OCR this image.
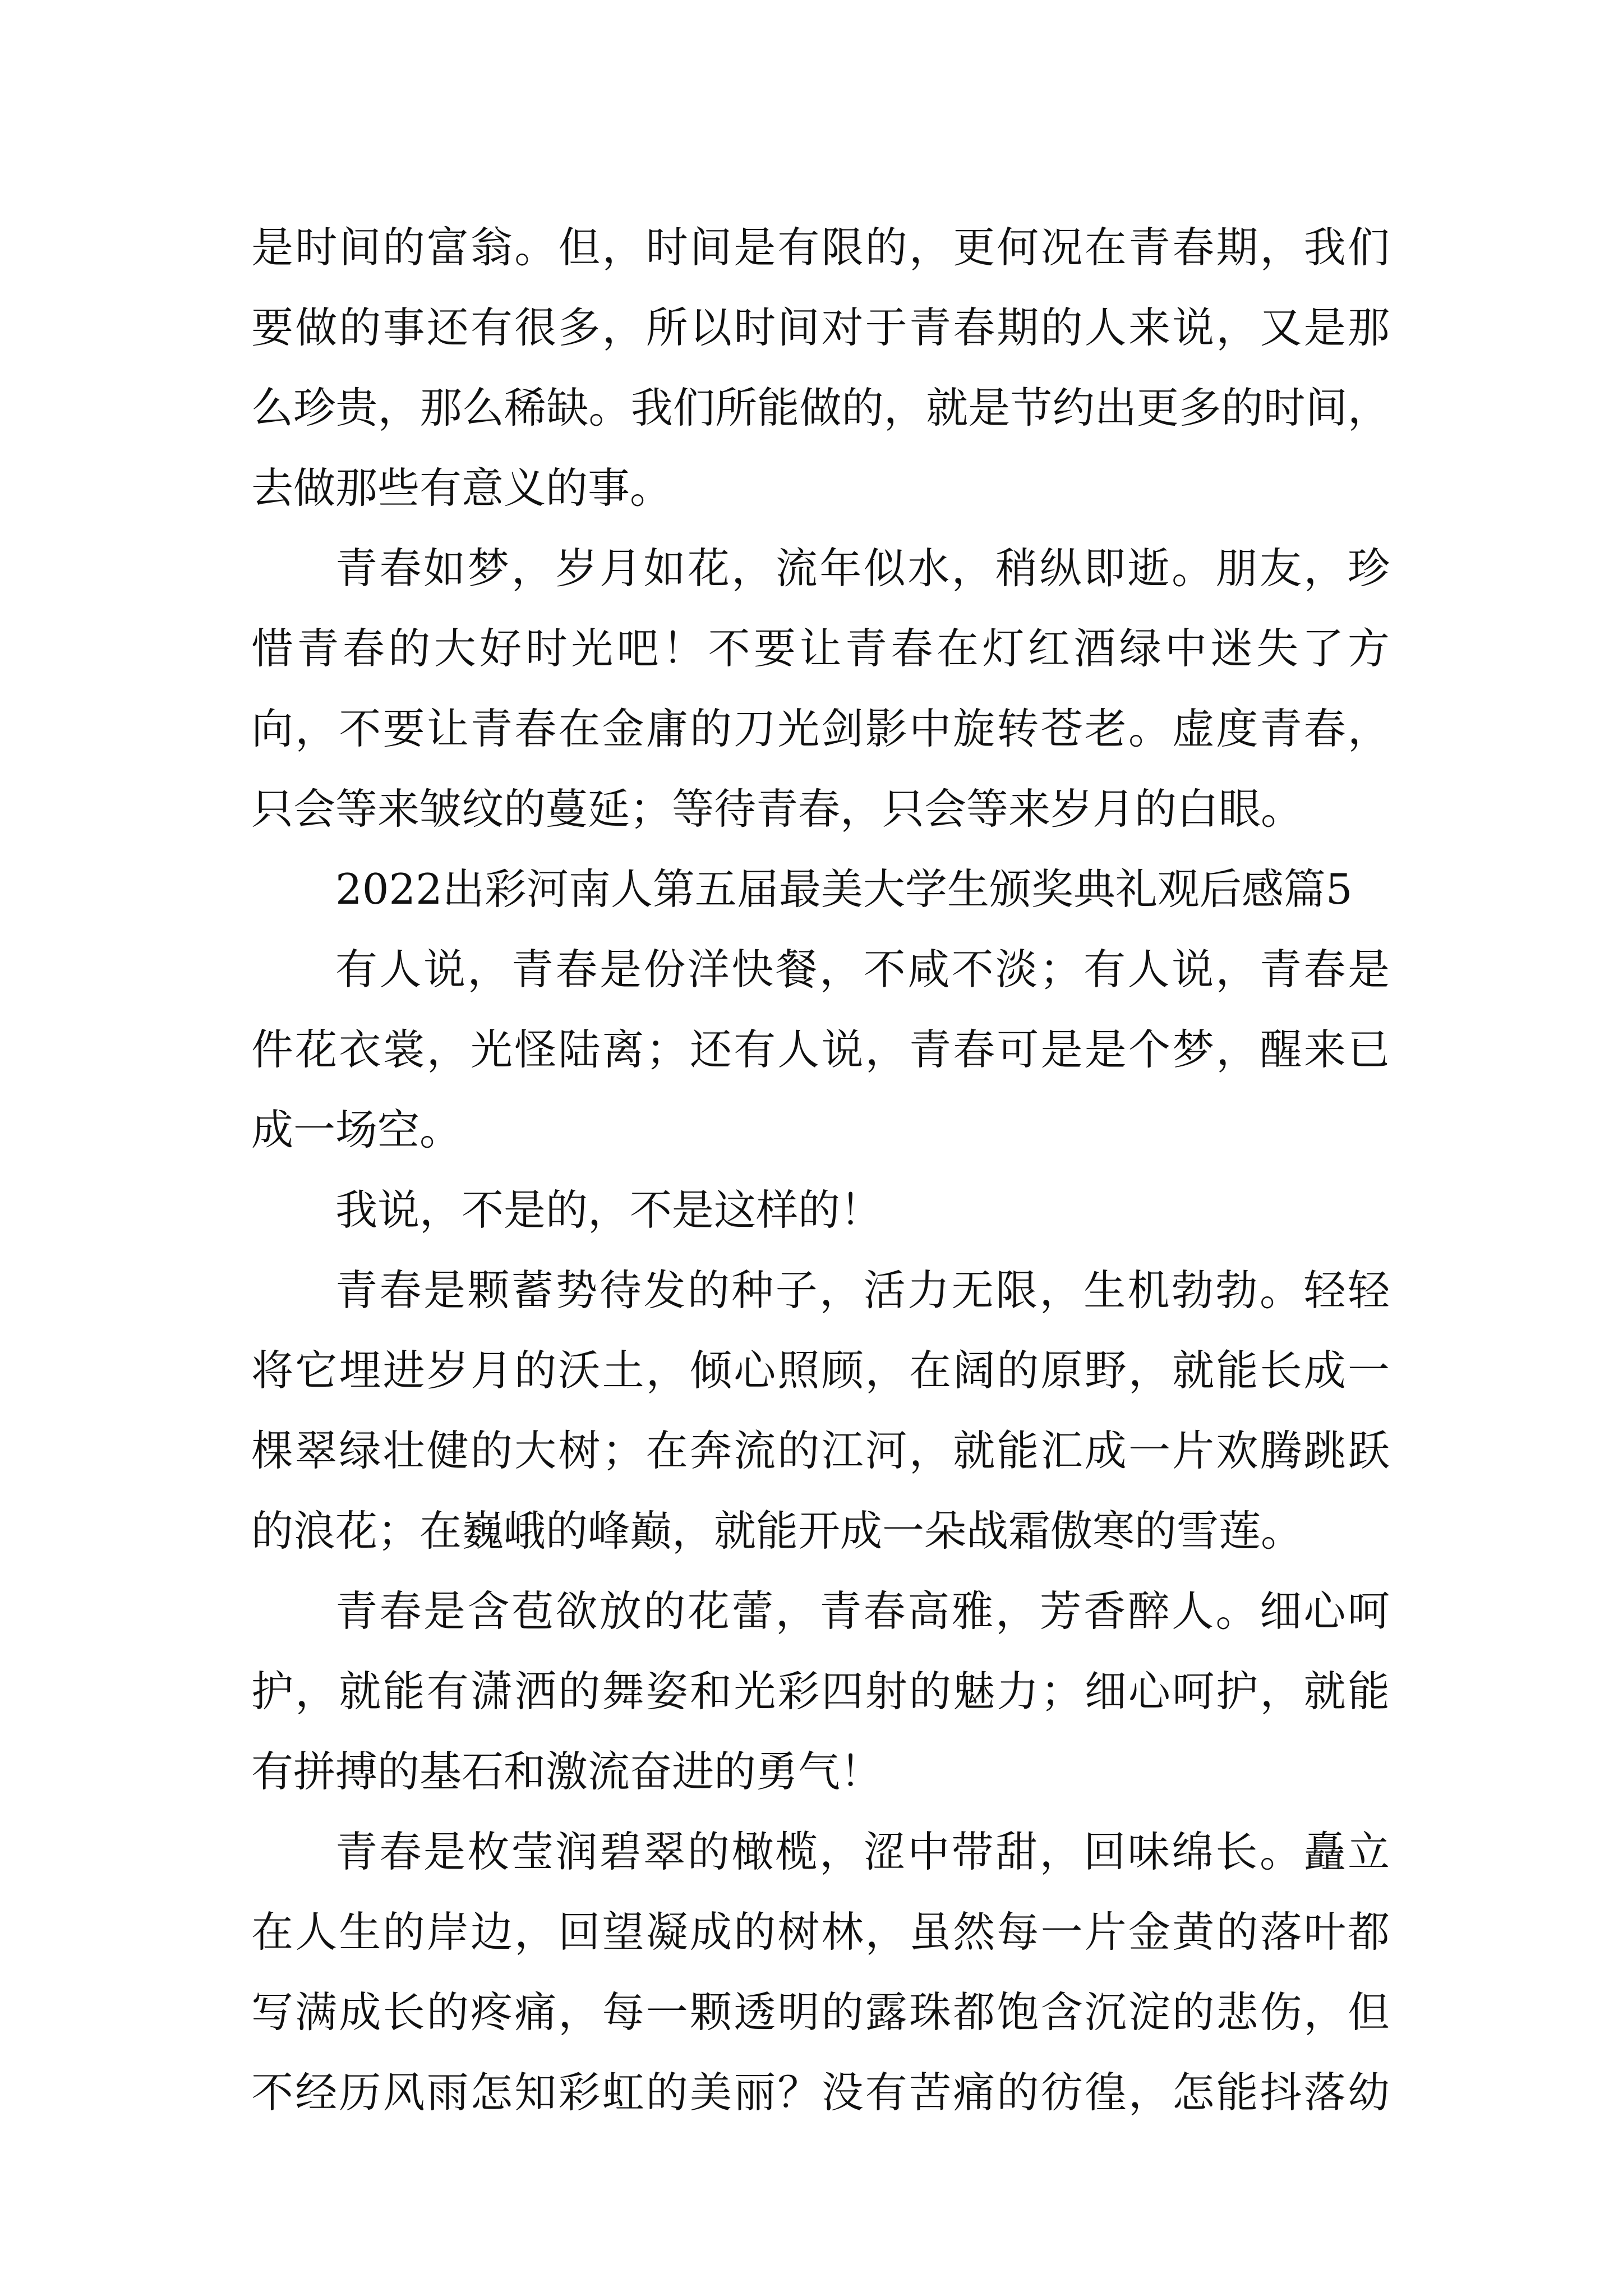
是时间的富翁。但，时间是有限的，更何况在青春期，我们
要做的事还有很多，所以时间对于青春期的人来说，又是那
么珍贵，那么稀缺。我们所能做的，就是节约出更多的时间，
去做那些有意义的事。
青春如梦，岁月如花，流年似水，稍纵即逝。朋友，珍
惜青春的大好时光吧！不要让青春在灯红酒绿中迷失了方
向，不要让青春在金庸的刀光剑影中旋转苍老。虚度青春，
只会等来皱纹的蔓延；等待青春，只会等来岁月的白眼。
2022出彩河南人第五届最美大学生颁奖典礼观后感篇5
有人说，青春是份洋快餐，不咸不淡；有人说，青春是
件花衣裳，光怪陆离；还有人说，青春可是是个梦，醒来已
成一场空。
我说，不是的，不是这样的！
青春是颗蓄势待发的种子，活力无限，生机勃勃。轻轻
将它埋进岁月的沃土，倾心照顾，在阔的原野，就能长成一
棵翠绿壮健的大树；在奔流的江河，就能汇成一片欢腾跳跃
的浪花；在巍峨的峰巅，就能开成一朵战霜傲寒的雪莲。
青春是含苞欲放的花蕾，青春高雅，芳香醉人。细心呵
护，就能有潇洒的舞姿和光彩四射的魅力；细心呵护，就能
有拼搏的基石和激流奋进的勇气！
青春是枚莹润碧翠的橄榄，涩中带甜，回味绵长。矗立
在人生的岸边，回望凝成的树林，虽然每一片金黄的落叶都
写满成长的疼痛，每一颗透明的露珠都饱含沉淀的悲伤，但
不经历风雨怎知彩虹的美丽？没有苦痛的彷徨，怎能抖落幼
